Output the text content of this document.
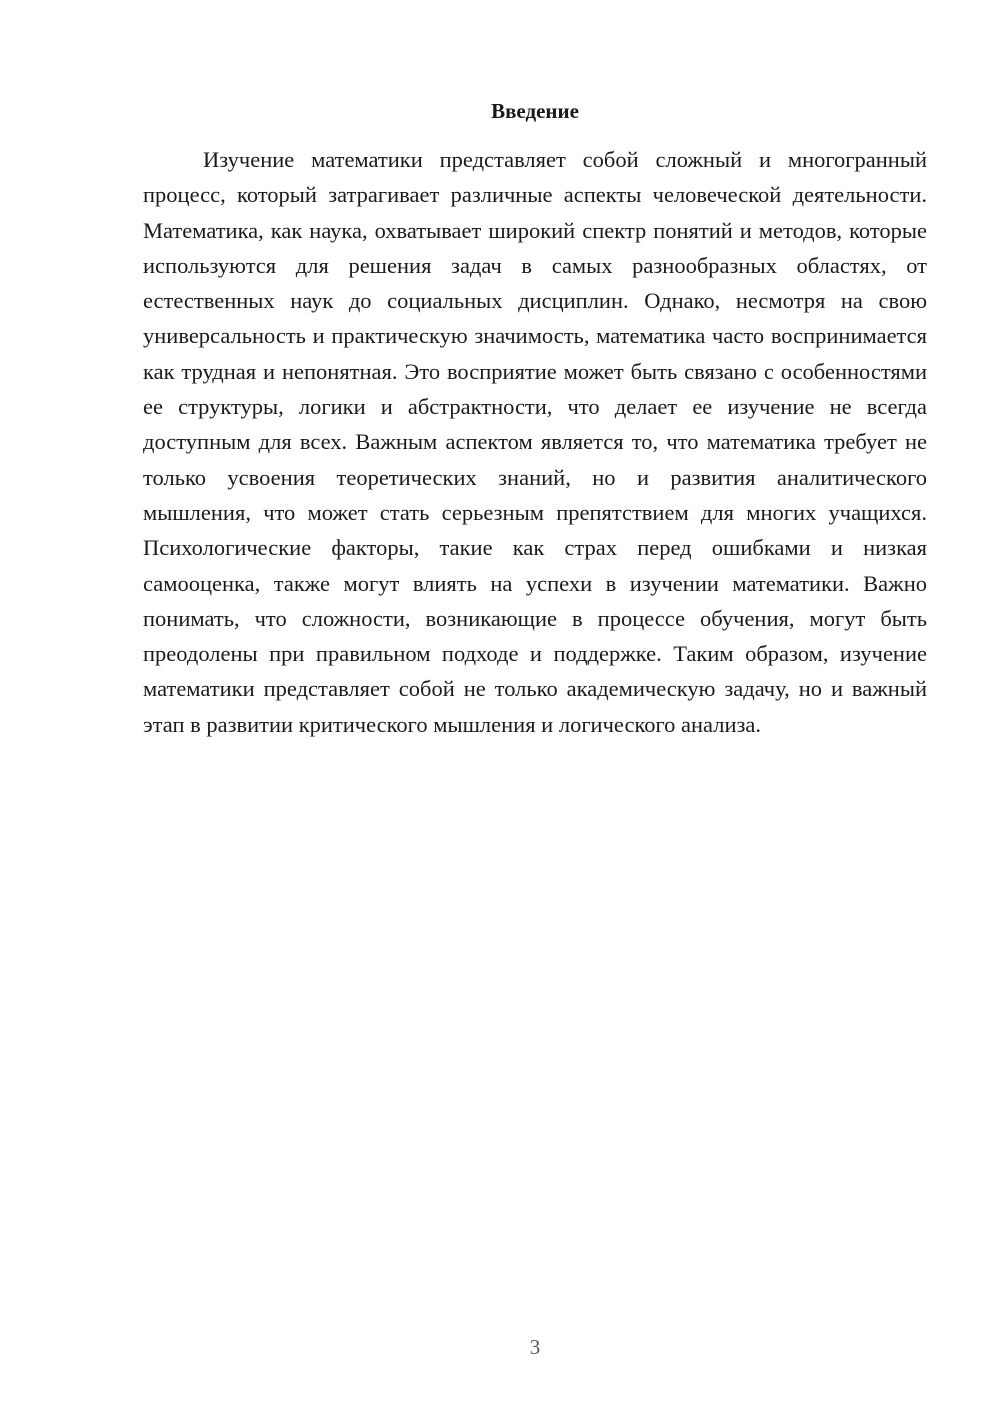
Введение

Изучение математики представляет собой сложный и многогранный процесс, который затрагивает различные аспекты человеческой деятельности. Математика, как наука, охватывает широкий спектр понятий и методов, которые используются для решения задач в самых разнообразных областях, от естественных наук до социальных дисциплин. Однако, несмотря на свою универсальность и практическую значимость, математика часто воспринимается как трудная и непонятная. Это восприятие может быть связано с особенностями ее структуры, логики и абстрактности, что делает ее изучение не всегда доступным для всех. Важным аспектом является то, что математика требует не только усвоения теоретических знаний, но и развития аналитического мышления, что может стать серьезным препятствием для многих учащихся. Психологические факторы, такие как страх перед ошибками и низкая самооценка, также могут влиять на успехи в изучении математики. Важно понимать, что сложности, возникающие в процессе обучения, могут быть преодолены при правильном подходе и поддержке. Таким образом, изучение математики представляет собой не только академическую задачу, но и важный этап в развитии критического мышления и логического анализа.

3
